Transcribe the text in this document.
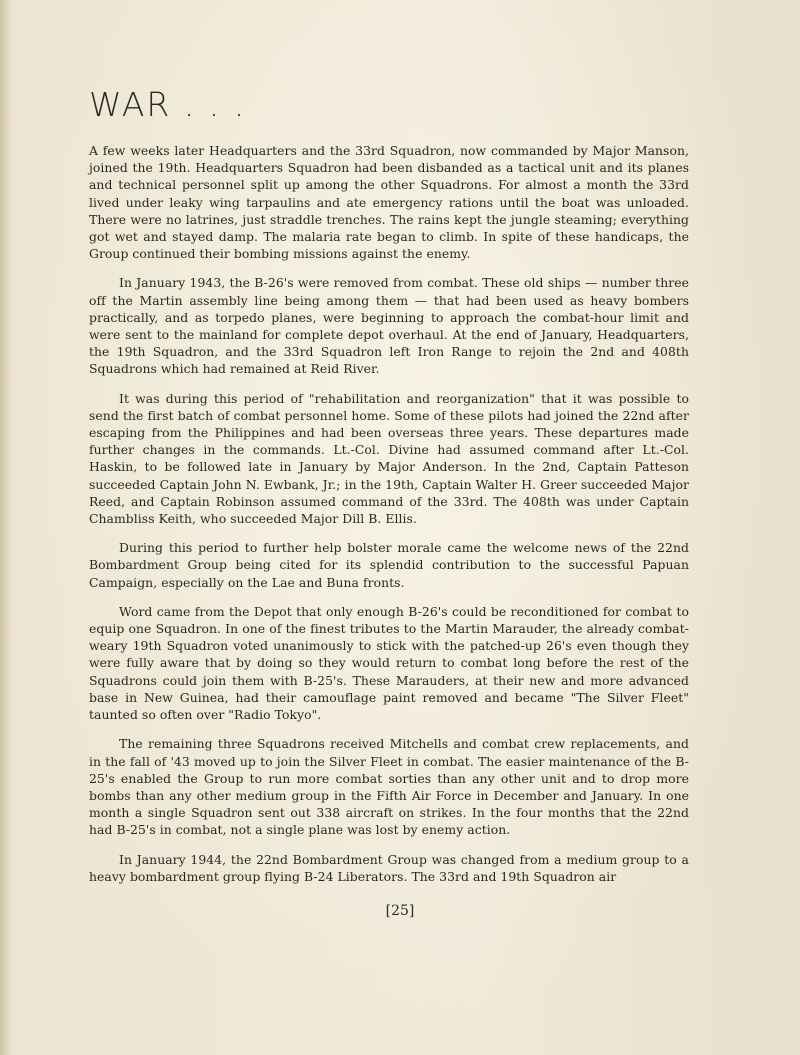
WAR . . .

A few weeks later Headquarters and the 33rd Squadron, now commanded by Major Manson, joined the 19th. Headquarters Squadron had been disbanded as a tactical unit and its planes and technical personnel split up among the other Squadrons. For almost a month the 33rd lived under leaky wing tarpaulins and ate emergency rations until the boat was unloaded. There were no latrines, just straddle trenches. The rains kept the jungle steaming; everything got wet and stayed damp. The malaria rate began to climb. In spite of these handicaps, the Group continued their bombing missions against the enemy.

In January 1943, the B-26's were removed from combat. These old ships — number three off the Martin assembly line being among them — that had been used as heavy bombers practically, and as torpedo planes, were beginning to approach the combat-hour limit and were sent to the mainland for complete depot overhaul. At the end of January, Headquarters, the 19th Squadron, and the 33rd Squadron left Iron Range to rejoin the 2nd and 408th Squadrons which had remained at Reid River.

It was during this period of "rehabilitation and reorganization" that it was possible to send the first batch of combat personnel home. Some of these pilots had joined the 22nd after escaping from the Philippines and had been overseas three years. These departures made further changes in the commands. Lt.-Col. Divine had assumed command after Lt.-Col. Haskin, to be followed late in January by Major Anderson. In the 2nd, Captain Patteson succeeded Captain John N. Ewbank, Jr.; in the 19th, Captain Walter H. Greer succeeded Major Reed, and Captain Robinson assumed command of the 33rd. The 408th was under Captain Chambliss Keith, who succeeded Major Dill B. Ellis.

During this period to further help bolster morale came the welcome news of the 22nd Bombardment Group being cited for its splendid contribution to the successful Papuan Campaign, especially on the Lae and Buna fronts.

Word came from the Depot that only enough B-26's could be reconditioned for combat to equip one Squadron. In one of the finest tributes to the Martin Marauder, the already combat-weary 19th Squadron voted unanimously to stick with the patched-up 26's even though they were fully aware that by doing so they would return to combat long before the rest of the Squadrons could join them with B-25's. These Marauders, at their new and more advanced base in New Guinea, had their camouflage paint removed and became "The Silver Fleet" taunted so often over "Radio Tokyo".

The remaining three Squadrons received Mitchells and combat crew replacements, and in the fall of '43 moved up to join the Silver Fleet in combat. The easier maintenance of the B-25's enabled the Group to run more combat sorties than any other unit and to drop more bombs than any other medium group in the Fifth Air Force in December and January. In one month a single Squadron sent out 338 aircraft on strikes. In the four months that the 22nd had B-25's in combat, not a single plane was lost by enemy action.

In January 1944, the 22nd Bombardment Group was changed from a medium group to a heavy bombardment group flying B-24 Liberators. The 33rd and 19th Squadron air

[25]
